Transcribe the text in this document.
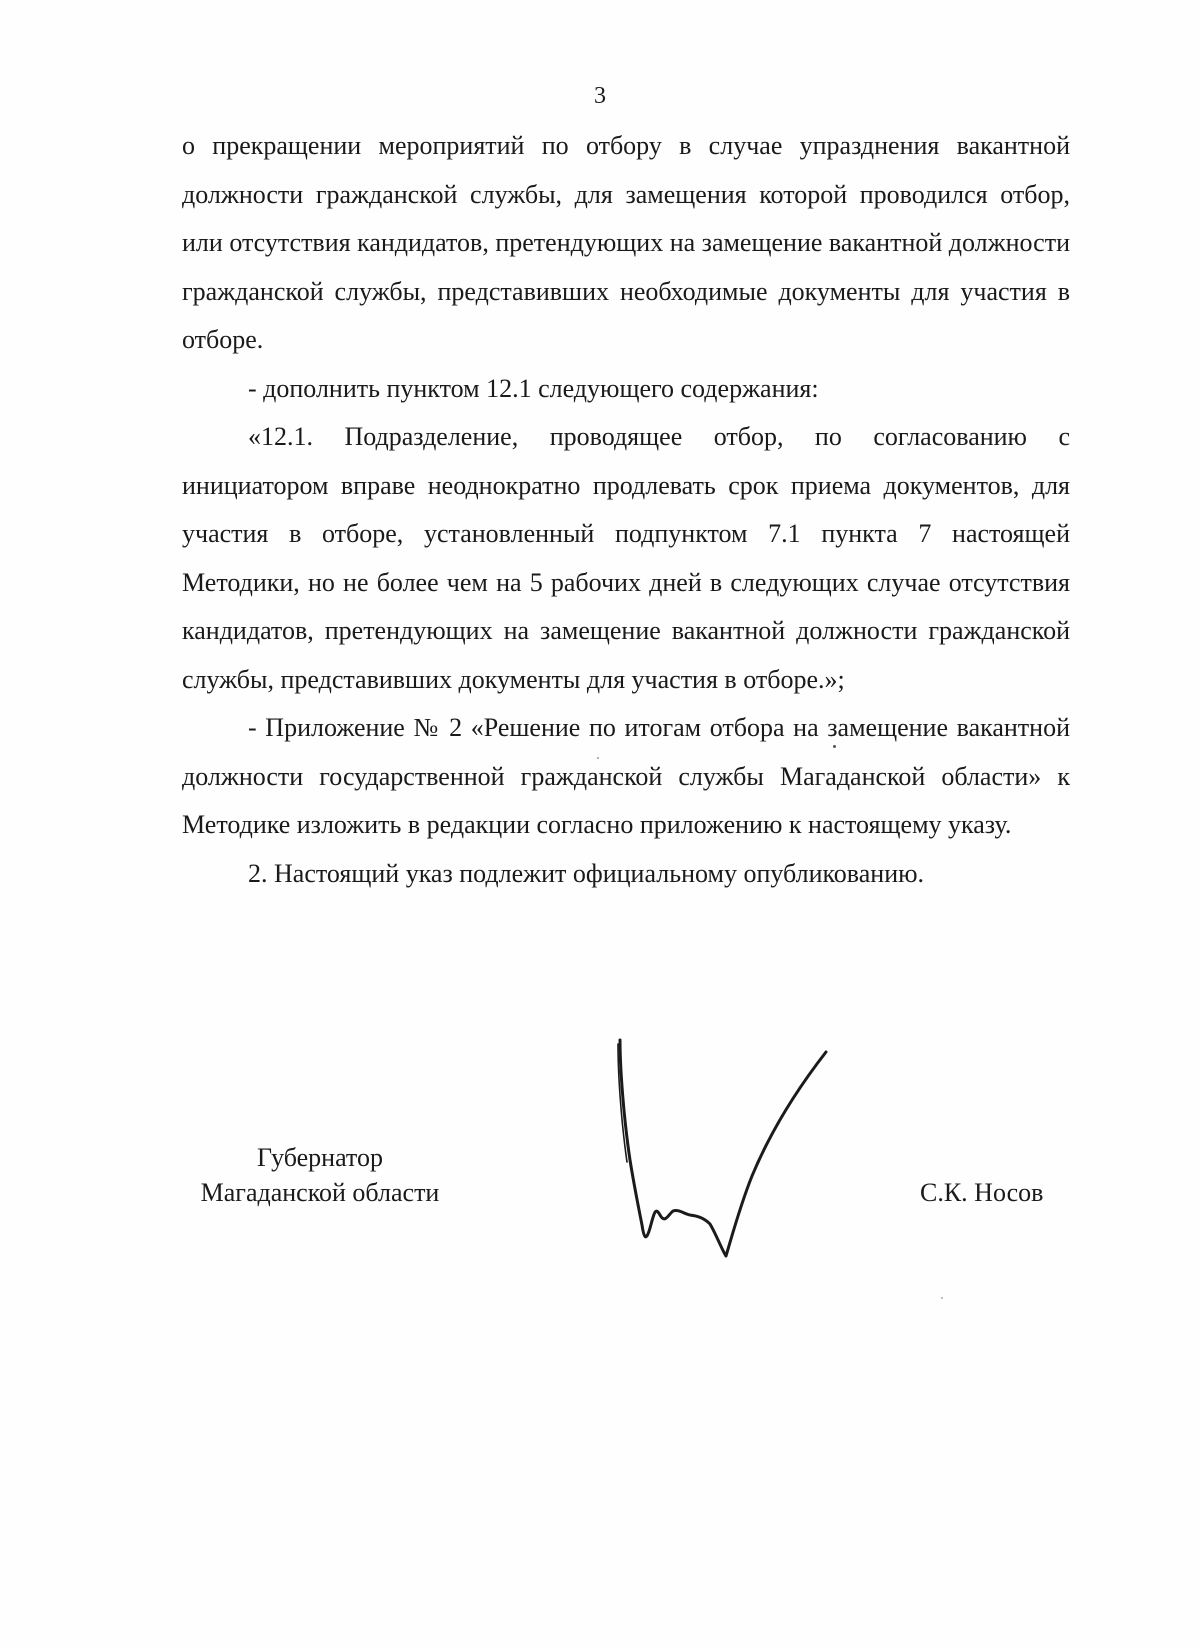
3

о прекращении мероприятий по отбору в случае упразднения вакантной должности гражданской службы, для замещения которой проводился отбор, или отсутствия кандидатов, претендующих на замещение вакантной должности гражданской службы, представивших необходимые документы для участия в отборе.

- дополнить пунктом 12.1 следующего содержания:

«12.1. Подразделение, проводящее отбор, по согласованию с инициатором вправе неоднократно продлевать срок приема документов, для участия в отборе, установленный подпунктом 7.1 пункта 7 настоящей Методики, но не более чем на 5 рабочих дней в следующих случае отсутствия кандидатов, претендующих на замещение вакантной должности гражданской службы, представивших документы для участия в отборе.»;

- Приложение № 2 «Решение по итогам отбора на замещение вакантной должности государственной гражданской службы Магаданской области» к Методике изложить в редакции согласно приложению к настоящему указу.

2. Настоящий указ подлежит официальному опубликованию.

Губернатор
Магаданской области	С.К. Носов
